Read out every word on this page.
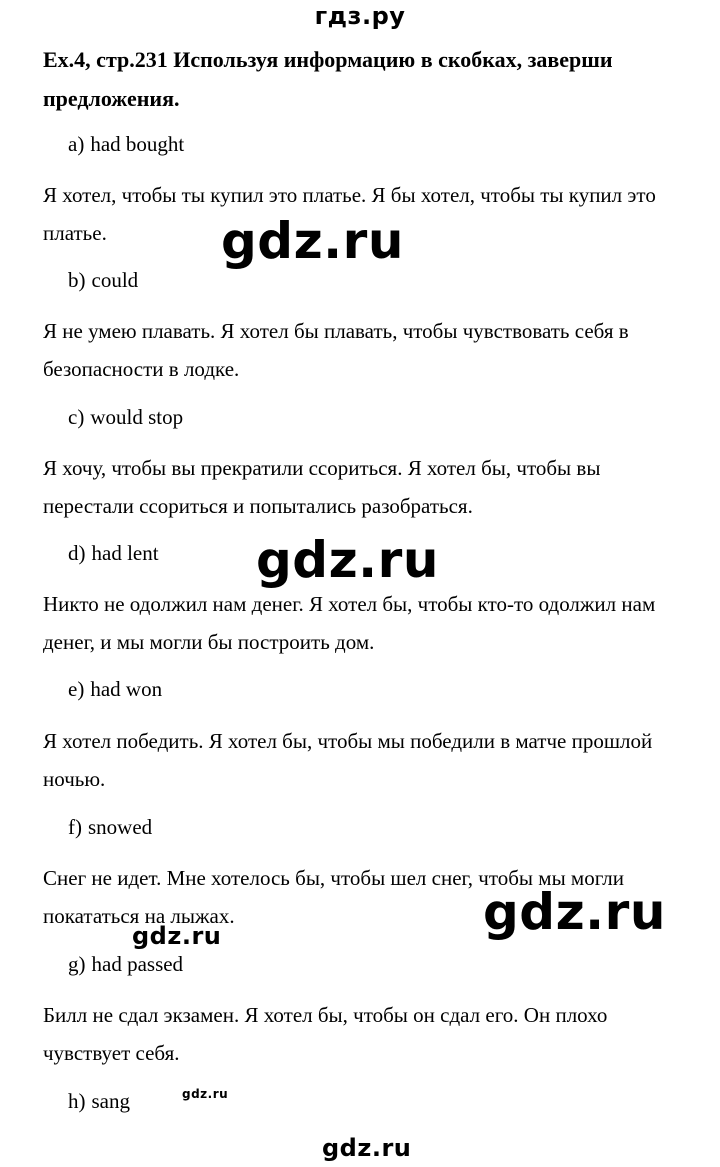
гдз.ру

Ex.4, стр.231 Используя информацию в скобках, заверши предложения.

a) had bought

Я хотел, чтобы ты купил это платье. Я бы хотел, чтобы ты купил это платье.

b) could

Я не умею плавать. Я хотел бы плавать, чтобы чувствовать себя в безопасности в лодке.

c) would stop

Я хочу, чтобы вы прекратили ссориться. Я хотел бы, чтобы вы перестали ссориться и попытались разобраться.

d) had lent

Никто не одолжил нам денег. Я хотел бы, чтобы кто-то одолжил нам денег, и мы могли бы построить дом.

e) had won

Я хотел победить. Я хотел бы, чтобы мы победили в матче прошлой ночью.

f) snowed

Снег не идет. Мне хотелось бы, чтобы шел снег, чтобы мы могли покататься на лыжах.

g) had passed

Билл не сдал экзамен. Я хотел бы, чтобы он сдал его. Он плохо чувствует себя.

h) sang
gdz.ru
gdz.ru
gdz.ru
gdz.ru
gdz.ru
gdz.ru
